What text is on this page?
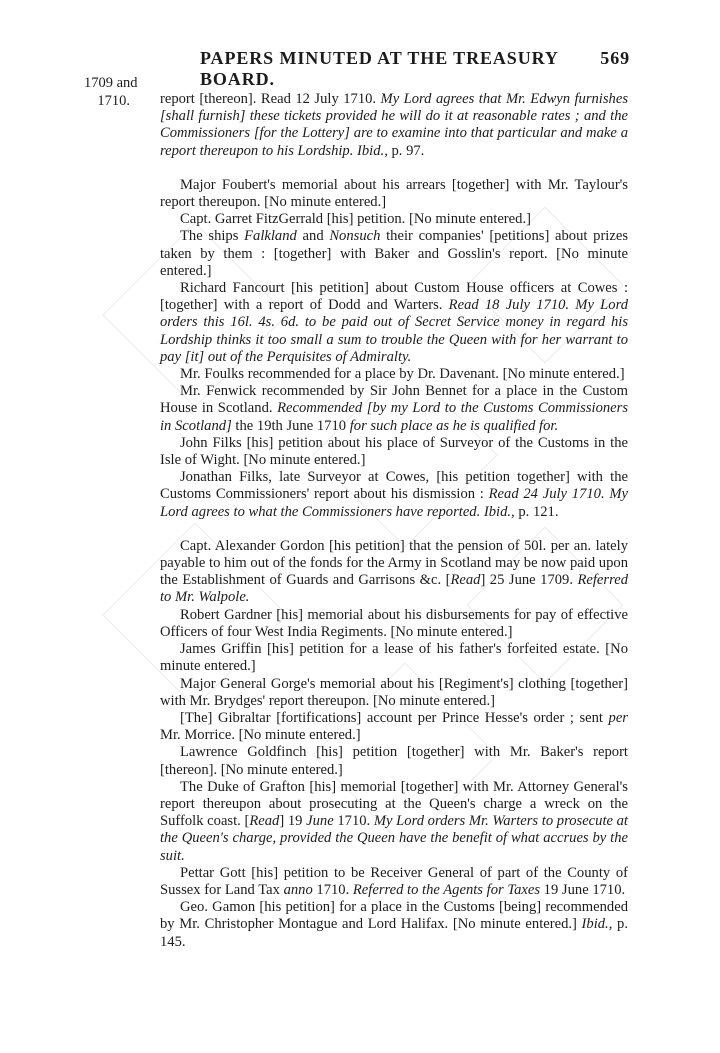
PAPERS MINUTED AT THE TREASURY BOARD.
569
1709 and
1710. report [thereon]. Read 12 July 1710. My Lord agrees that Mr. Edwyn furnishes [shall furnish] these tickets provided he will do it at reasonable rates ; and the Commissioners [for the Lottery] are to examine into that particular and make a report thereupon to his Lordship. Ibid., p. 97.

Major Foubert's memorial about his arrears [together] with Mr. Taylour's report thereupon. [No minute entered.]

Capt. Garret FitzGerrald [his] petition. [No minute entered.]

The ships Falkland and Nonsuch their companies' [petitions] about prizes taken by them : [together] with Baker and Gosslin's report. [No minute entered.]

Richard Fancourt [his petition] about Custom House officers at Cowes : [together] with a report of Dodd and Warters. Read 18 July 1710. My Lord orders this 16l. 4s. 6d. to be paid out of Secret Service money in regard his Lordship thinks it too small a sum to trouble the Queen with for her warrant to pay [it] out of the Perquisites of Admiralty.

Mr. Foulks recommended for a place by Dr. Davenant. [No minute entered.]

Mr. Fenwick recommended by Sir John Bennet for a place in the Custom House in Scotland. Recommended [by my Lord to the Customs Commissioners in Scotland] the 19th June 1710 for such place as he is qualified for.

John Filks [his] petition about his place of Surveyor of the Customs in the Isle of Wight. [No minute entered.]

Jonathan Filks, late Surveyor at Cowes, [his petition together] with the Customs Commissioners' report about his dismission : Read 24 July 1710. My Lord agrees to what the Commissioners have reported. Ibid., p. 121.

Capt. Alexander Gordon [his petition] that the pension of 50l. per an. lately payable to him out of the fonds for the Army in Scotland may be now paid upon the Establishment of Guards and Garrisons &c. [Read] 25 June 1709. Referred to Mr. Walpole.

Robert Gardner [his] memorial about his disbursements for pay of effective Officers of four West India Regiments. [No minute entered.]

James Griffin [his] petition for a lease of his father's forfeited estate. [No minute entered.]

Major General Gorge's memorial about his [Regiment's] clothing [together] with Mr. Brydges' report thereupon. [No minute entered.]

[The] Gibraltar [fortifications] account per Prince Hesse's order ; sent per Mr. Morrice. [No minute entered.]

Lawrence Goldfinch [his] petition [together] with Mr. Baker's report [thereon]. [No minute entered.]

The Duke of Grafton [his] memorial [together] with Mr. Attorney General's report thereupon about prosecuting at the Queen's charge a wreck on the Suffolk coast. [Read] 19 June 1710. My Lord orders Mr. Warters to prosecute at the Queen's charge, provided the Queen have the benefit of what accrues by the suit.

Pettar Gott [his] petition to be Receiver General of part of the County of Sussex for Land Tax anno 1710. Referred to the Agents for Taxes 19 June 1710.

Geo. Gamon [his petition] for a place in the Customs [being] recommended by Mr. Christopher Montague and Lord Halifax. [No minute entered.] Ibid., p. 145.
